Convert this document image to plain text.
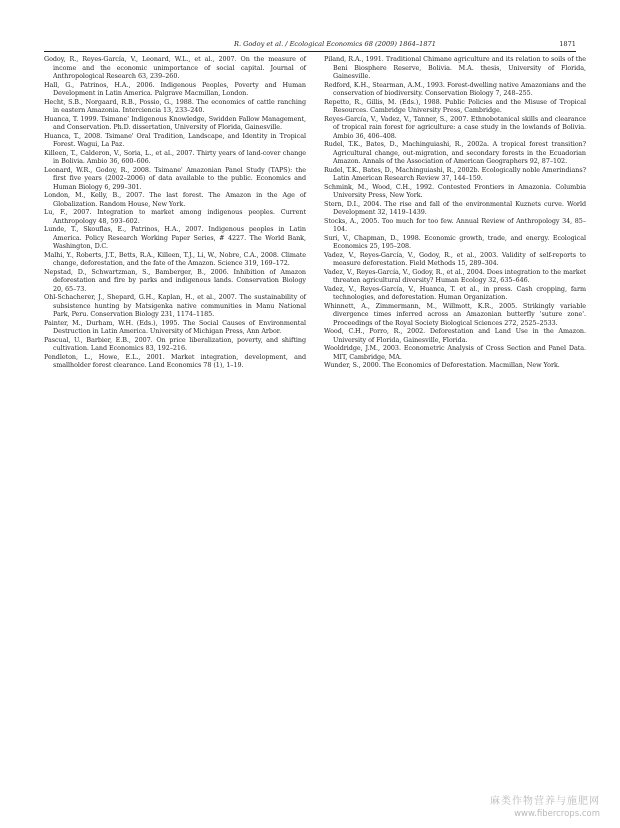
R. Godoy et al. / Ecological Economics 68 (2009) 1864–1871	1871
Godoy, R., Reyes-García, V., Leonard, W.L., et al., 2007. On the measure of income and the economic unimportance of social capital. Journal of Anthropological Research 63, 239–260.
Hall, G., Patrinos, H.A., 2006. Indigenous Peoples, Poverty and Human Development in Latin America. Palgrave Macmillan, London.
Hecht, S.B., Norgaard, R.B., Possio, G., 1988. The economics of cattle ranching in eastern Amazonia. Interciencia 13, 233–240.
Huanca, T. 1999. Tsimane' Indigenous Knowledge, Swidden Fallow Management, and Conservation. Ph.D. dissertation, University of Florida, Gainesville.
Huanca, T., 2008. Tsimane' Oral Tradition, Landscape, and Identity in Tropical Forest. Wagui, La Paz.
Killeen, T., Calderon, V., Soria, L., et al., 2007. Thirty years of land-cover change in Bolivia. Ambio 36, 600–606.
Leonard, W.R., Godoy, R., 2008. Tsimane' Amazonian Panel Study (TAPS): the first five years (2002–2006) of data available to the public. Economics and Human Biology 6, 299–301.
London, M., Kelly, B., 2007. The last forest. The Amazon in the Age of Globalization. Random House, New York.
Lu, F., 2007. Integration to market among indigenous peoples. Current Anthropology 48, 593–602.
Lunde, T., Skouflas, E., Patrinos, H.A., 2007. Indigenous peoples in Latin America. Policy Research Working Paper Series, # 4227. The World Bank, Washington, D.C.
Malhi, Y., Roberts, J.T., Betts, R.A., Killeen, T.J., Li, W., Nobre, C.A., 2008. Climate change, deforestation, and the fate of the Amazon. Science 319, 169–172.
Nepstad, D., Schwartzman, S., Bamberger, B., 2006. Inhibition of Amazon deforestation and fire by parks and indigenous lands. Conservation Biology 20, 65–73.
Ohl-Schacherer, J., Shepard, G.H., Kaplan, H., et al., 2007. The sustainability of subsistence hunting by Matsigenka native communities in Manu National Park, Peru. Conservation Biology 231, 1174–1185.
Painter, M., Durham, W.H. (Eds.), 1995. The Social Causes of Environmental Destruction in Latin America. University of Michigan Press, Ann Arbor.
Pascual, U., Barbier, E.B., 2007. On price liberalization, poverty, and shifting cultivation. Land Economics 83, 192–216.
Pendleton, L., Howe, E.L., 2001. Market integration, development, and smallholder forest clearance. Land Economics 78 (1), 1–19.
Piland, R.A., 1991. Traditional Chimane agriculture and its relation to soils of the Beni Biosphere Reserve, Bolivia. M.A. thesis, University of Florida, Gainesville.
Redford, K.H., Stearman, A.M., 1993. Forest-dwelling native Amazonians and the conservation of biodiversity. Conservation Biology 7, 248–255.
Repetto, R., Gillis, M. (Eds.), 1988. Public Policies and the Misuse of Tropical Resources. Cambridge University Press, Cambridge.
Reyes-García, V., Vadez, V., Tanner, S., 2007. Ethnobotanical skills and clearance of tropical rain forest for agriculture: a case study in the lowlands of Bolivia. Ambio 36, 406–408.
Rudel, T.K., Bates, D., Machinguiashi, R., 2002a. A tropical forest transition? Agricultural change, out-migration, and secondary forests in the Ecuadorian Amazon. Annals of the Association of American Geographers 92, 87–102.
Rudel, T.K., Bates, D., Machinguiashi, R., 2002b. Ecologically noble Amerindians? Latin American Research Review 37, 144–159.
Schmink, M., Wood, C.H., 1992. Contested Frontiers in Amazonia. Columbia University Press, New York.
Stern, D.I., 2004. The rise and fall of the environmental Kuznets curve. World Development 32, 1419–1439.
Stocks, A., 2005. Too much for too few. Annual Review of Anthropology 34, 85–104.
Suri, V., Chapman, D., 1998. Economic growth, trade, and energy. Ecological Economics 25, 195–208.
Vadez, V., Reyes-García, V., Godoy, R., et al., 2003. Validity of self-reports to measure deforestation. Field Methods 15, 289–304.
Vadez, V., Reyes-García, V., Godoy, R., et al., 2004. Does integration to the market threaten agricultural diversity? Human Ecology 32, 635–646.
Vadez, V., Reyes-García, V., Huanca, T. et al., in press. Cash cropping, farm technologies, and deforestation. Human Organization.
Whinnett, A., Zimmermann, M., Willmott, K.R., 2005. Strikingly variable divergence times inferred across an Amazonian butterfly 'suture zone'. Proceedings of the Royal Society Biological Sciences 272, 2525–2533.
Wood, C.H., Porro, R., 2002. Deforestation and Land Use in the Amazon. University of Florida, Gainesville, Florida.
Wooldridge, J.M., 2003. Econometric Analysis of Cross Section and Panel Data. MIT, Cambridge, MA.
Wunder, S., 2000. The Economics of Deforestation. Macmillan, New York.
麻类作物营养与施肥网
www.fibercrops.com
